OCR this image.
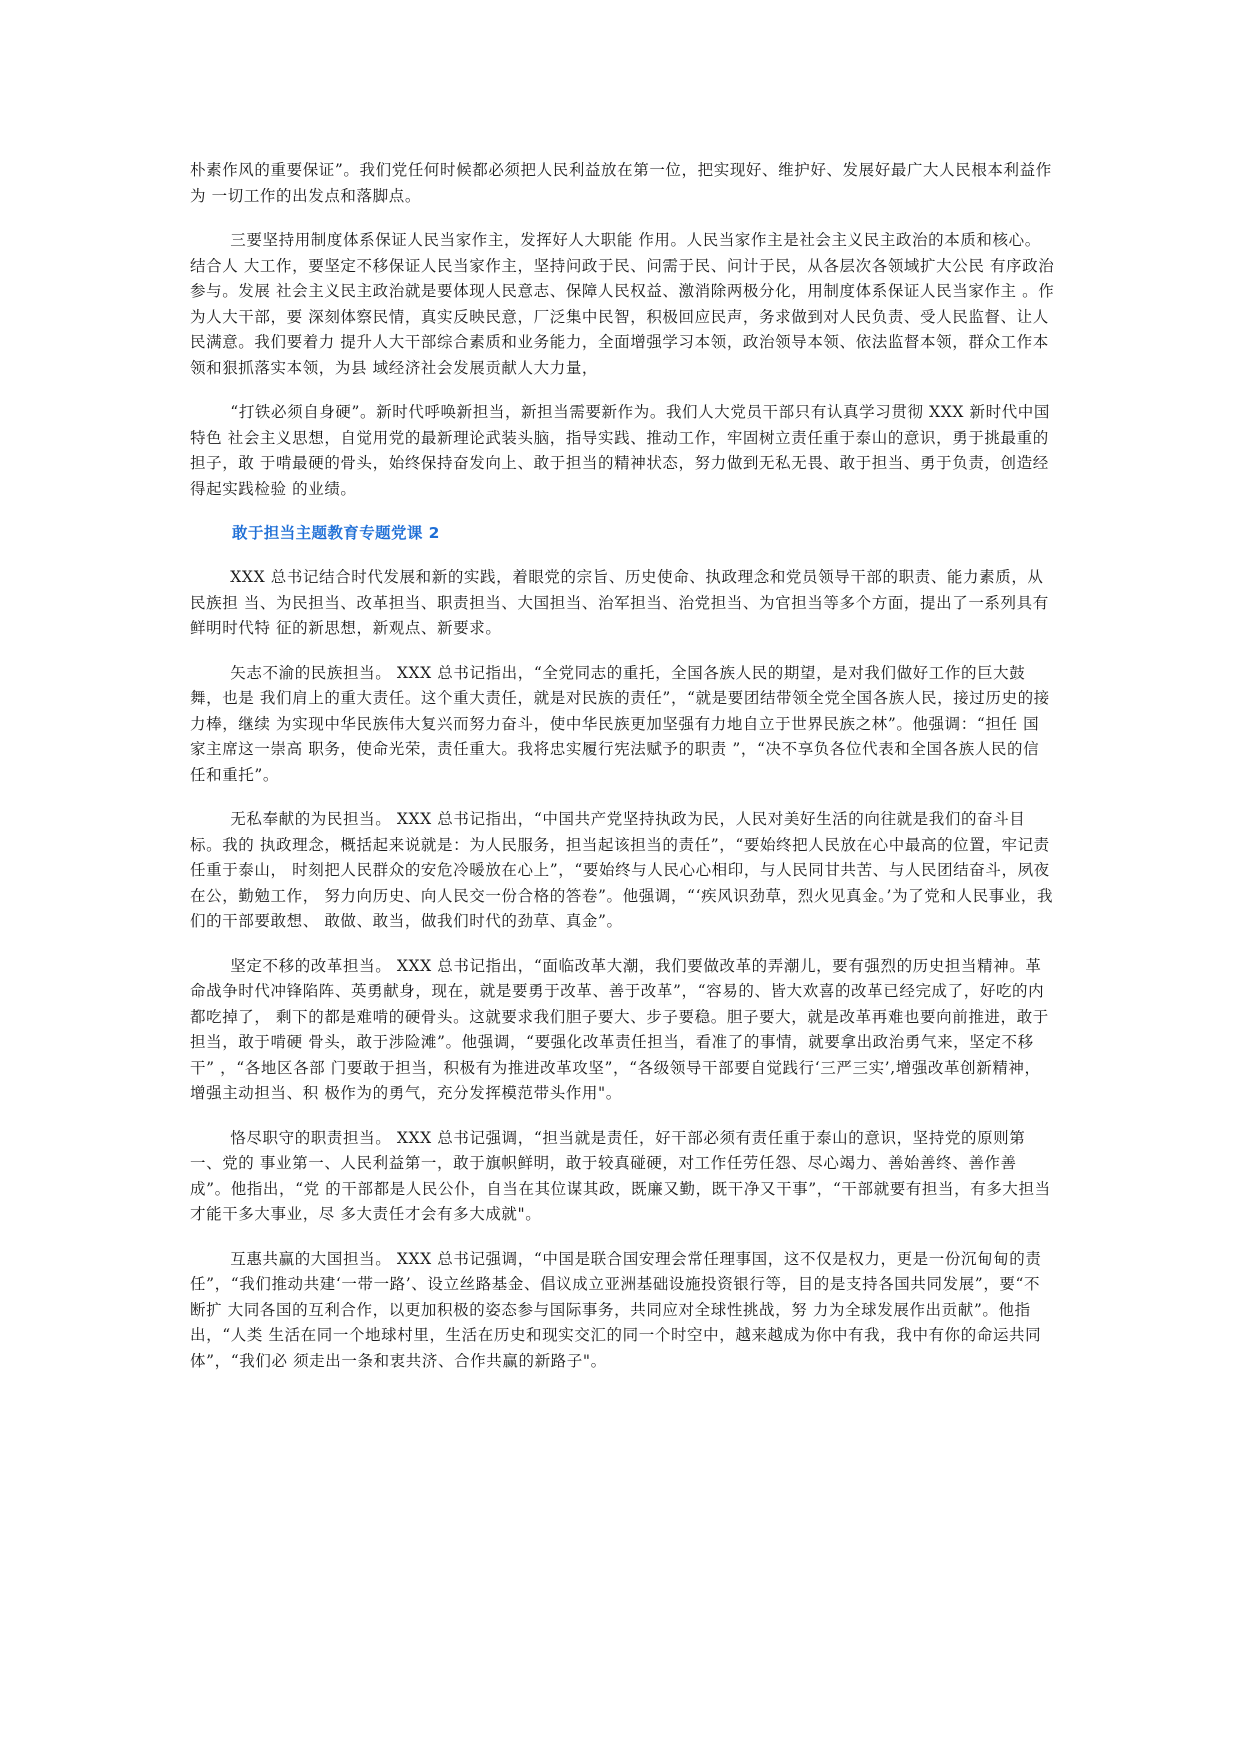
朴素作风的重要保证”。我们党任何时候都必须把人民利益放在第一位，把实现好、维护好、发展好最广大人民根本利益作为 一切工作的出发点和落脚点。

三要坚持用制度体系保证人民当家作主，发挥好人大职能 作用。人民当家作主是社会主义民主政治的本质和核心。结合人 大工作，要坚定不移保证人民当家作主，坚持问政于民、问需于民、问计于民，从各层次各领域扩大公民 有序政治参与。发展 社会主义民主政治就是要体现人民意志、保障人民权益、激消除两极分化，用制度体系保证人民当家作主 。作为人大干部，要 深刻体察民情，真实反映民意，厂泛集中民智，积极回应民声，务求做到对人民负责、受人民监督、让人民满意。我们要着力 提升人大干部综合素质和业务能力，全面增强学习本领，政治领导本领、依法监督本领，群众工作本 领和狠抓落实本领，为县 域经济社会发展贡献人大力量，

“打铁必须自身硬”。新时代呼唤新担当，新担当需要新作为。我们人大党员干部只有认真学习贯彻 XXX 新时代中国特色 社会主义思想，自觉用党的最新理论武装头脑，指导实践、推动工作，牢固树立责任重于泰山的意识，勇于挑最重的担子，敢 于啃最硬的骨头，始终保持奋发向上、敢于担当的精神状态，努力做到无私无畏、敢于担当、勇于负责，创造经得起实践检验 的业绩。

敢于担当主题教育专题党课 2

XXX 总书记结合时代发展和新的实践，着眼党的宗旨、历史使命、执政理念和党员领导干部的职责、能力素质，从民族担 当、为民担当、改革担当、职责担当、大国担当、治军担当、治党担当、为官担当等多个方面，提出了一系列具有鲜明时代特 征的新思想，新观点、新要求。

矢志不渝的民族担当。 XXX 总书记指出，“全党同志的重托，全国各族人民的期望，是对我们做好工作的巨大鼓舞，也是 我们肩上的重大责任。这个重大责任，就是对民族的责任”，“就是要团结带领全党全国各族人民，接过历史的接力棒，继续 为实现中华民族伟大复兴而努力奋斗，使中华民族更加坚强有力地自立于世界民族之林”。他强调：“担任 国家主席这一崇高 职务，使命光荣，责任重大。我将忠实履行宪法赋予的职责 ”，“决不享负各位代表和全国各族人民的信任和重托”。

无私奉献的为民担当。 XXX 总书记指出，“中国共产党坚持执政为民，人民对美好生活的向往就是我们的奋斗目标。我的 执政理念，概括起来说就是：为人民服务，担当起该担当的责任”，“要始终把人民放在心中最高的位置，牢记责任重于泰山， 时刻把人民群众的安危冷暖放在心上”，“要始终与人民心心相印，与人民同甘共苦、与人民团结奋斗，夙夜在公，勤勉工作， 努力向历史、向人民交一份合格的答卷”。他强调，“‘疾风识劲草，烈火见真金。’为了党和人民事业，我们的干部要敢想、 敢做、敢当，做我们时代的劲草、真金”。

坚定不移的改革担当。 XXX 总书记指出，“面临改革大潮，我们要做改革的弄潮儿，要有强烈的历史担当精神。革命战争时代冲锋陷阵、英勇献身，现在，就是要勇于改革、善于改革”，“容易的、皆大欢喜的改革已经完成了，好吃的内都吃掉了， 剩下的都是难啃的硬骨头。这就要求我们胆子要大、步子要稳。胆子要大，就是改革再难也要向前推进，敢于担当，敢于啃硬 骨头，敢于涉险滩”。他强调，“要强化改革责任担当，看准了的事情，就要拿出政治勇气来，坚定不移干” ，“各地区各部 门要敢于担当，积极有为推进改革攻坚”，“各级领导干部要自觉践行‘三严三实’,增强改革创新精神，增强主动担当、积 极作为的勇气，充分发挥模范带头作用"。

恪尽职守的职责担当。 XXX 总书记强调，“担当就是责任，好干部必须有责任重于泰山的意识，坚持党的原则第一、党的 事业第一、人民利益第一，敢于旗帜鲜明，敢于较真碰硬，对工作任劳任怨、尽心竭力、善始善终、善作善成”。他指出，“党 的干部都是人民公仆，自当在其位谋其政，既廉又勤，既干净又干事”，“干部就要有担当，有多大担当才能干多大事业，尽 多大责任才会有多大成就"。

互惠共赢的大国担当。 XXX 总书记强调，“中国是联合国安理会常任理事国，这不仅是权力，更是一份沉甸甸的责任”，“我们推动共建‘一带一路’、设立丝路基金、倡议成立亚洲基础设施投资银行等，目的是支持各国共同发展”，要“不断扩 大同各国的互利合作，以更加积极的姿态参与国际事务，共同应对全球性挑战，努 力为全球发展作出贡献”。他指出，“人类 生活在同一个地球村里，生活在历史和现实交汇的同一个时空中，越来越成为你中有我，我中有你的命运共同体”，“我们必 须走出一条和衷共济、合作共赢的新路子"。
